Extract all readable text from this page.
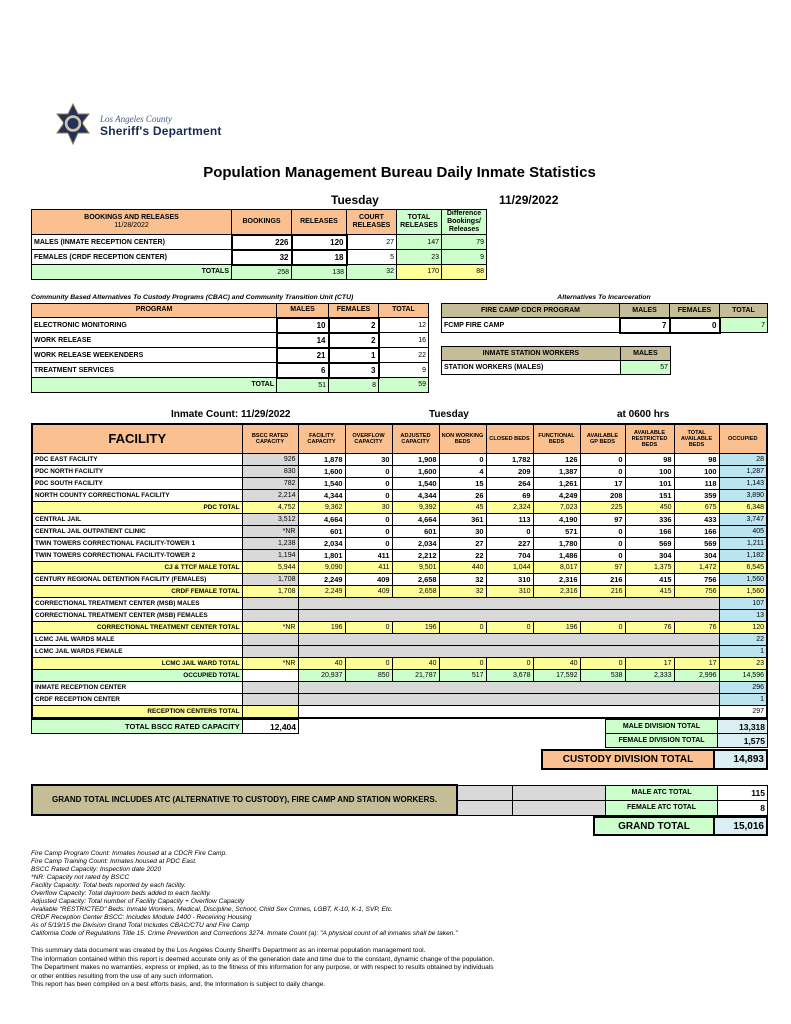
Los Angeles County
Sheriff's Department
Population Management Bureau Daily Inmate Statistics
Tuesday	11/29/2022
BOOKINGS AND RELEASES
11/28/2022	BOOKINGS	RELEASES	COURT RELEASES	TOTAL RELEASES	Difference Bookings/ Releases
MALES (INMATE RECEPTION CENTER)	226	120	27	147	79
FEMALES (CRDF RECEPTION CENTER)	32	18	5	23	9
TOTALS	258	138	32	170	88
Community Based Alternatives To Custody Programs (CBAC) and Community Transition Unit (CTU)
PROGRAM	MALES	FEMALES	TOTAL
ELECTRONIC MONITORING	10	2	12
WORK RELEASE	14	2	16
WORK RELEASE WEEKENDERS	21	1	22
TREATMENT SERVICES	6	3	9
TOTAL	51	8	59
Alternatives To Incarceration
FIRE CAMP CDCR PROGRAM	MALES	FEMALES	TOTAL
FCMP FIRE CAMP	7	0	7
INMATE STATION WORKERS	MALES
STATION WORKERS (MALES)	57
Inmate Count: 11/29/2022	Tuesday	at 0600 hrs
FACILITY	BSCC RATED CAPACITY	FACILITY CAPACITY	OVERFLOW CAPACITY	ADJUSTED CAPACITY	NON WORKING BEDS	CLOSED BEDS	FUNCTIONAL BEDS	AVAILABLE GP BEDS	AVAILABLE RESTRICTED BEDS	TOTAL AVAILABLE BEDS	OCCUPIED
PDC EAST FACILITY	926	1,878	30	1,908	0	1,782	126	0	98	98	28
PDC NORTH FACILITY	830	1,600	0	1,600	4	209	1,387	0	100	100	1,287
PDC SOUTH FACILITY	782	1,540	0	1,540	15	264	1,261	17	101	118	1,143
NORTH COUNTY CORRECTIONAL FACILITY	2,214	4,344	0	4,344	26	69	4,249	208	151	359	3,890
PDC TOTAL	4,752	9,362	30	9,392	45	2,324	7,023	225	450	675	6,348
CENTRAL JAIL	3,512	4,664	0	4,664	361	113	4,190	97	336	433	3,747
CENTRAL JAIL OUTPATIENT CLINIC	*NR	601	0	601	30	0	571	0	166	166	405
TWIN TOWERS CORRECTIONAL FACILITY-TOWER 1	1,238	2,034	0	2,034	27	227	1,780	0	569	569	1,211
TWIN TOWERS CORRECTIONAL FACILITY-TOWER 2	1,194	1,801	411	2,212	22	704	1,486	0	304	304	1,182
CJ & TTCF MALE TOTAL	5,944	9,090	411	9,501	440	1,044	8,017	97	1,375	1,472	6,545
CENTURY REGIONAL DETENTION FACILITY (FEMALES)	1,708	2,249	409	2,658	32	310	2,316	216	415	756	1,560
CRDF FEMALE TOTAL	1,708	2,249	409	2,658	32	310	2,316	216	415	756	1,560
CORRECTIONAL TREATMENT CENTER (MSB) MALES											107
CORRECTIONAL TREATMENT CENTER (MSB) FEMALES											13
CORRECTIONAL TREATMENT CENTER TOTAL	*NR	196	0	196	0	0	196	0	76	76	120
LCMC JAIL WARDS MALE											22
LCMC JAIL WARDS FEMALE											1
LCMC JAIL WARD TOTAL	*NR	40	0	40	0	0	40	0	17	17	23
OCCUPIED TOTAL		20,937	850	21,787	517	3,678	17,592	538	2,333	2,996	14,596
INMATE RECEPTION CENTER											296
CRDF RECEPTION CENTER											1
RECEPTION CENTERS TOTAL											297
TOTAL BSCC RATED CAPACITY	12,404	MALE DIVISION TOTAL	13,318
FEMALE DIVISION TOTAL	1,575
CUSTODY DIVISION TOTAL	14,893
GRAND TOTAL INCLUDES ATC (ALTERNATIVE TO CUSTODY), FIRE CAMP AND STATION WORKERS.			MALE ATC TOTAL	115
			FEMALE ATC TOTAL	8
GRAND TOTAL	15,016
Fire Camp Program Count: Inmates housed at a CDCR Fire Camp.
Fire Camp Training Count: Inmates housed at PDC East.
BSCC Rated Capacity: Inspection date 2020
*NR: Capacity not rated by BSCC
Facility Capacity: Total beds reported by each facility.
Overflow Capacity: Total dayroom beds added to each facility.
Adjusted Capacity: Total number of Facility Capacity + Overflow Capacity
Available "RESTRICTED" Beds: Inmate Workers, Medical, Discipline, School, Child Sex Crimes, LGBT, K-10, K-1, SVP, Etc.
CRDF Reception Center BSCC: Includes Module 1400 - Receiving Housing
As of 5/19/15 the Division Grand Total Includes CBAC/CTU and Fire Camp
California Code of Regulations Title 15. Crime Prevention and Corrections 3274. Inmate Count (a): "A physical count of all inmates shall be taken."
This summary data document was created by the Los Angeles County Sheriff's Department as an internal population management tool.
The information contained within this report is deemed accurate only as of the generation date and time due to the constant, dynamic change of the population.
The Department makes no warranties, express or implied, as to the fitness of this information for any purpose, or with respect to results obtained by individuals
or other entities resulting from the use of any such information.
This report has been compiled on a best efforts basis, and, the information is subject to daily change.
